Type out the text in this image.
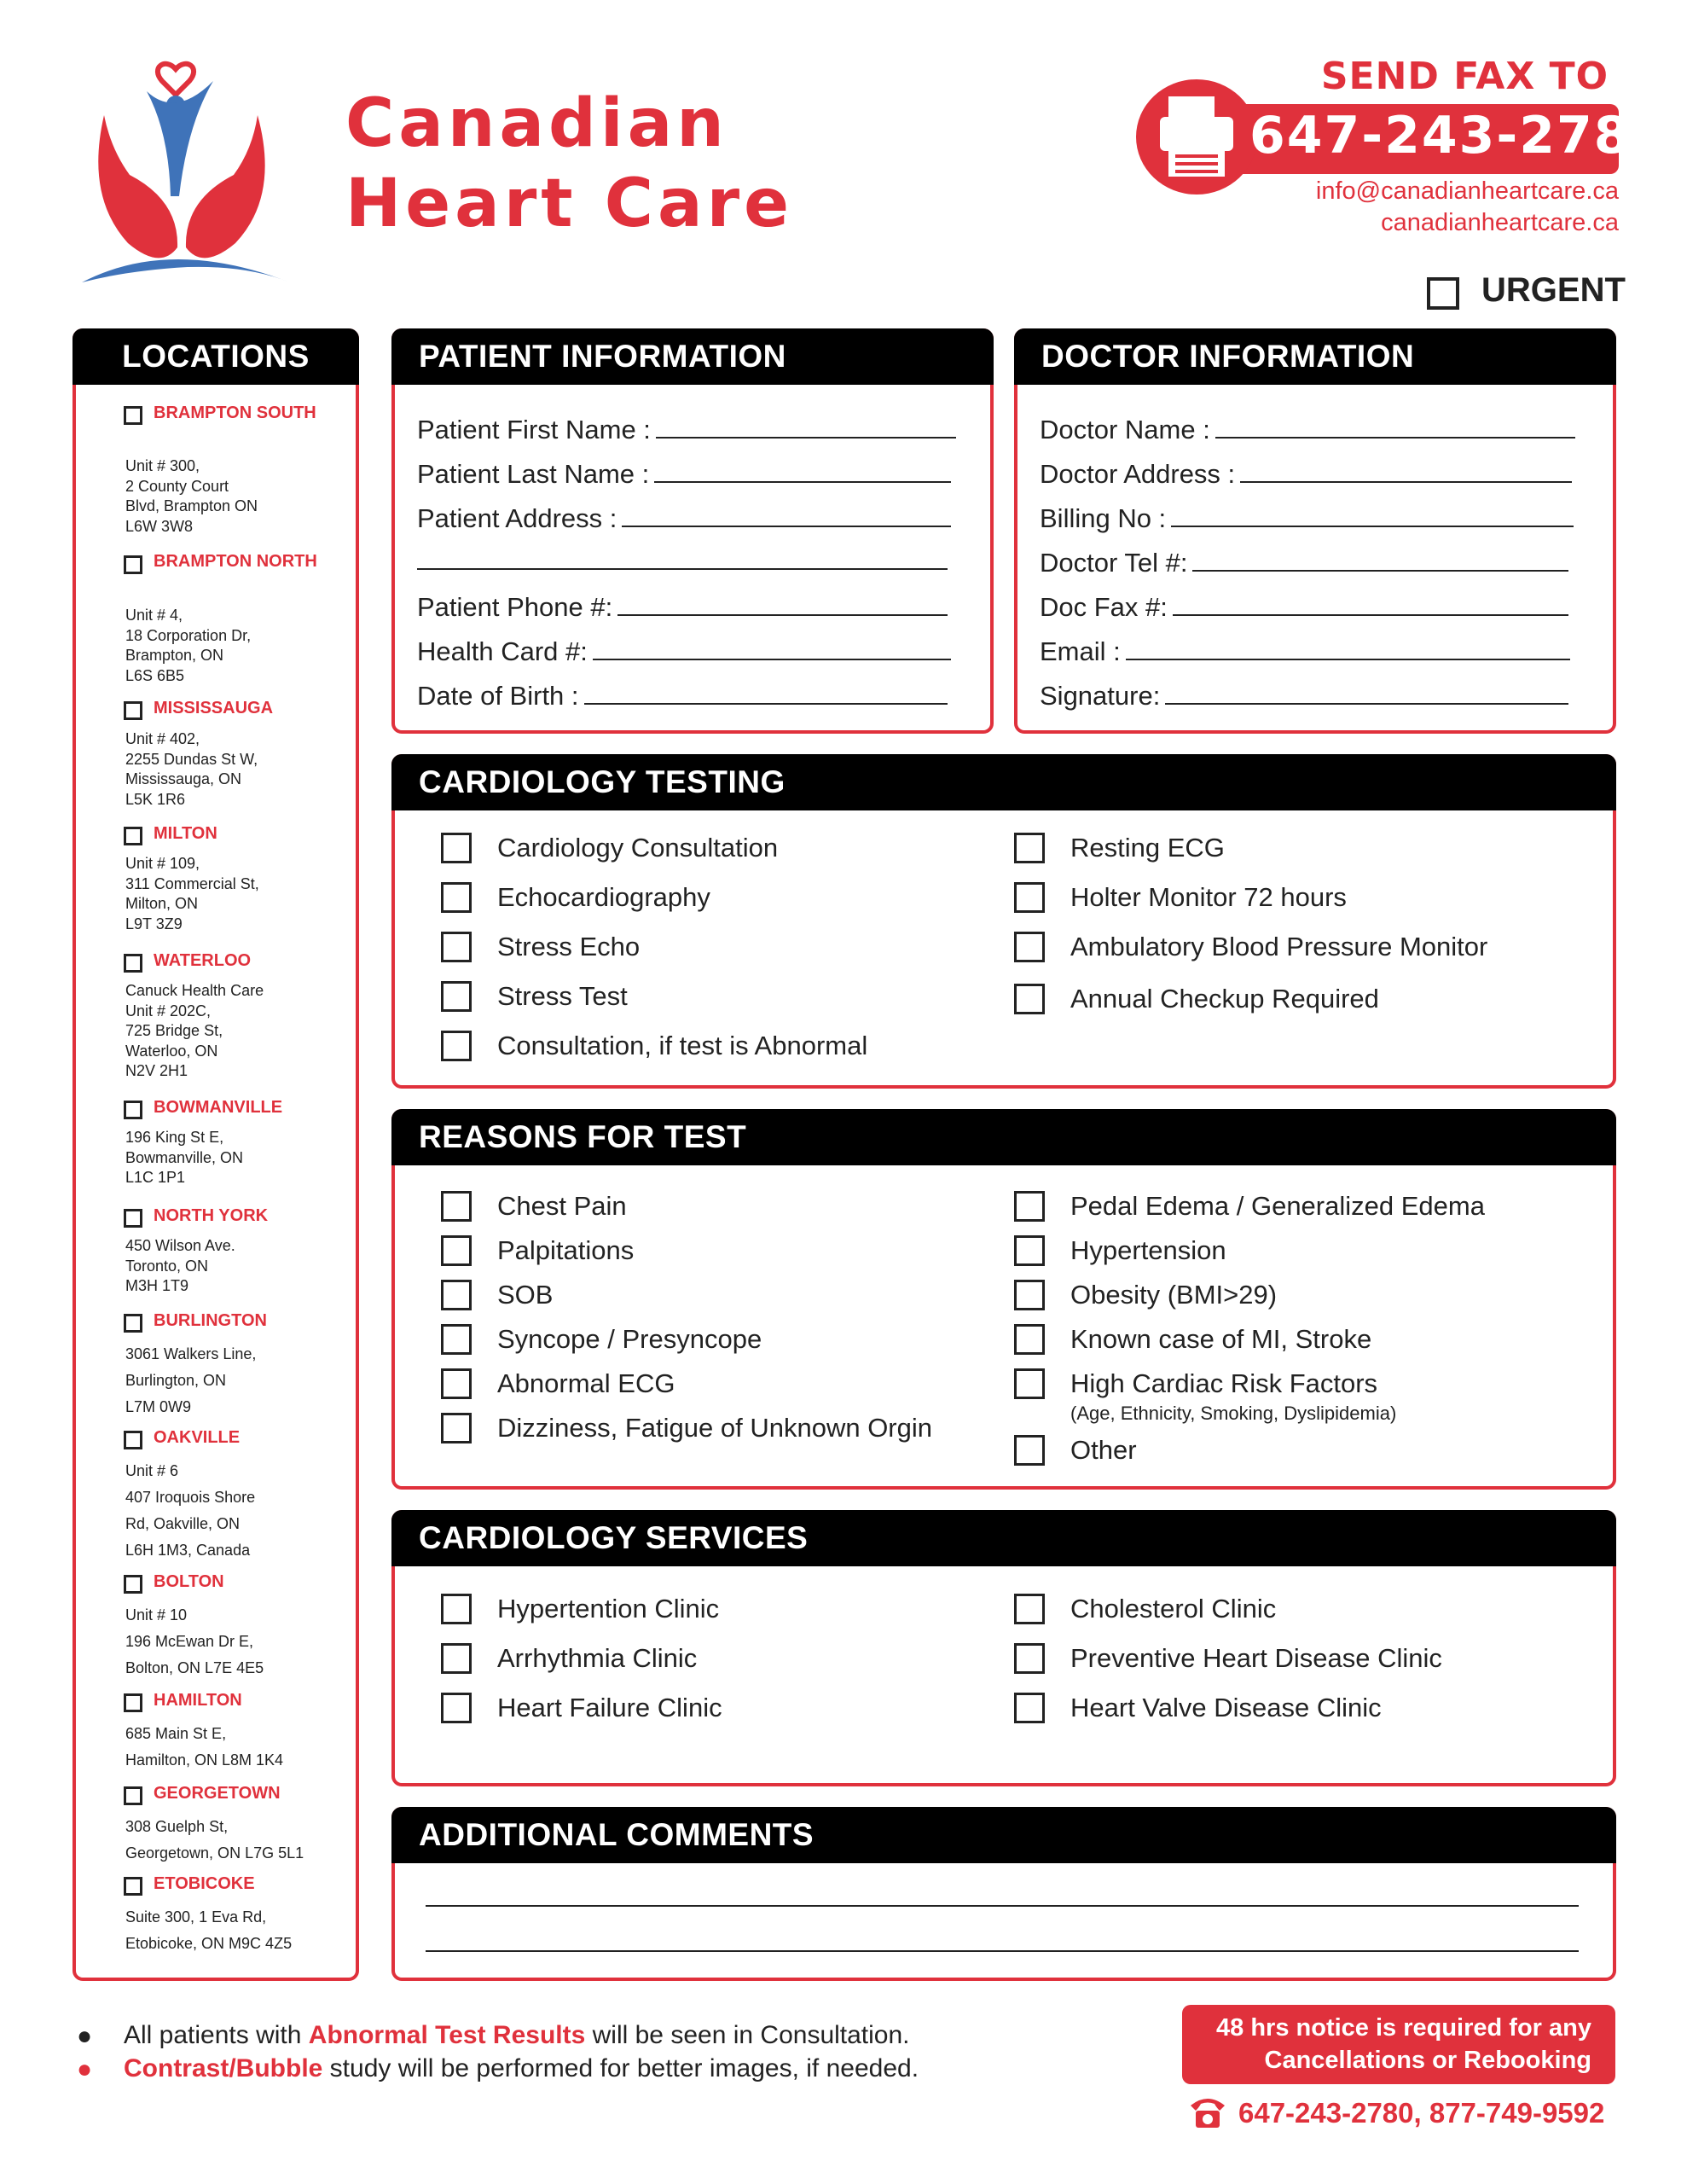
Canadian
Heart Care
SEND FAX TO
647-243-2782
info@canadianheartcare.ca
canadianheartcare.ca
URGENT
LOCATIONS
BRAMPTON SOUTH
Unit # 300,
2 County Court
Blvd, Brampton ON
L6W 3W8
BRAMPTON NORTH
Unit # 4,
18 Corporation Dr,
Brampton, ON
L6S 6B5
MISSISSAUGA
Unit # 402,
2255 Dundas St W,
Mississauga, ON
L5K 1R6
MILTON
Unit # 109,
311 Commercial St,
Milton, ON
L9T 3Z9
WATERLOO
Canuck Health Care
Unit # 202C,
725 Bridge St,
Waterloo, ON
N2V 2H1
BOWMANVILLE
196 King St E,
Bowmanville, ON
L1C 1P1
NORTH YORK
450 Wilson Ave.
Toronto, ON
M3H 1T9
BURLINGTON
3061 Walkers Line,
Burlington, ON
L7M 0W9
OAKVILLE
Unit # 6
407 Iroquois Shore
Rd, Oakville, ON
L6H 1M3, Canada
BOLTON
Unit # 10
196 McEwan Dr E,
Bolton, ON L7E 4E5
HAMILTON
685 Main St E,
Hamilton, ON L8M 1K4
GEORGETOWN
308 Guelph St,
Georgetown, ON L7G 5L1
ETOBICOKE
Suite 300, 1 Eva Rd,
Etobicoke, ON M9C 4Z5
PATIENT INFORMATION
Patient First Name :
Patient Last Name :
Patient Address :
Patient Phone #:
Health Card #:
Date of Birth :
DOCTOR INFORMATION
Doctor Name :
Doctor Address :
Billing No :
Doctor Tel #:
Doc Fax #:
Email :
Signature:
CARDIOLOGY TESTING
Cardiology Consultation
Echocardiography
Stress Echo
Stress Test
Consultation, if test is Abnormal
Resting ECG
Holter Monitor 72 hours
Ambulatory Blood Pressure Monitor
Annual Checkup Required
REASONS FOR TEST
Chest Pain
Palpitations
SOB
Syncope / Presyncope
Abnormal ECG
Dizziness, Fatigue of Unknown Orgin
Pedal Edema / Generalized Edema
Hypertension
Obesity (BMI>29)
Known case of MI, Stroke
High Cardiac Risk Factors
(Age, Ethnicity, Smoking, Dyslipidemia)
Other
CARDIOLOGY SERVICES
Hypertention Clinic
Arrhythmia Clinic
Heart Failure Clinic
Cholesterol Clinic
Preventive Heart Disease Clinic
Heart Valve Disease Clinic
ADDITIONAL COMMENTS
● All patients with Abnormal Test Results will be seen in Consultation.
● Contrast/Bubble study will be performed for better images, if needed.
48 hrs notice is required for any
Cancellations or Rebooking
647-243-2780, 877-749-9592
